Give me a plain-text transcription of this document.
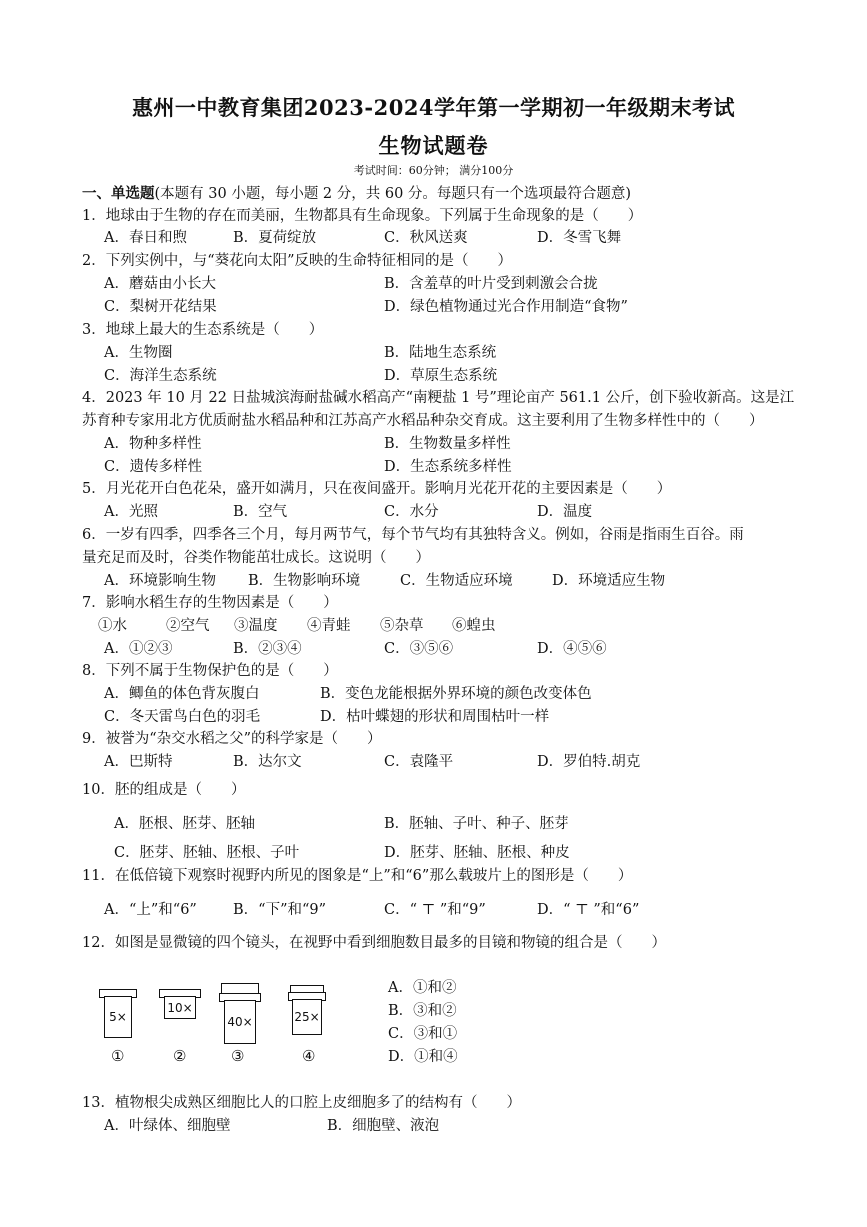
惠州一中教育集团2023-2024学年第一学期初一年级期末考试
生物试题卷
考试时间：60分钟； 满分100分
一、单选题(本题有 30 小题，每小题 2 分，共 60 分。每题只有一个选项最符合题意)
1．地球由于生物的存在而美丽，生物都具有生命现象。下列属于生命现象的是（　　）
A．春日和煦	B．夏荷绽放	C．秋风送爽	D．冬雪飞舞
2．下列实例中，与“葵花向太阳”反映的生命特征相同的是（　　）
A．蘑菇由小长大	B．含羞草的叶片受到刺激会合拢
C．梨树开花结果	D．绿色植物通过光合作用制造“食物”
3．地球上最大的生态系统是（　　）
A．生物圈	B．陆地生态系统
C．海洋生态系统	D．草原生态系统
4．2023 年 10 月 22 日盐城滨海耐盐碱水稻高产“南粳盐 1 号”理论亩产 561.1 公斤，创下验收新高。这是江
苏育种专家用北方优质耐盐水稻品种和江苏高产水稻品种杂交育成。这主要利用了生物多样性中的（　　）
A．物种多样性	B．生物数量多样性
C．遗传多样性	D．生态系统多样性
5．月光花开白色花朵，盛开如满月，只在夜间盛开。影响月光花开花的主要因素是（　　）
A．光照	B．空气	C．水分	D．温度
6．一岁有四季，四季各三个月，每月两节气，每个节气均有其独特含义。例如，谷雨是指雨生百谷。雨
量充足而及时，谷类作物能茁壮成长。这说明（　　）
A．环境影响生物 B．生物影响环境	C．生物适应环境	D．环境适应生物
7．影响水稻生存的生物因素是（　　）
①水	②空气 ③温度 ④青蛙 ⑤杂草 ⑥蝗虫
A．①②③	B．②③④	C．③⑤⑥	D．④⑤⑥
8．下列不属于生物保护色的是（　　）
A．鲫鱼的体色背灰腹白	B．变色龙能根据外界环境的颜色改变体色
C．冬天雷鸟白色的羽毛	D．枯叶蝶翅的形状和周围枯叶一样
9．被誉为“杂交水稻之父”的科学家是（　　）
A．巴斯特	B．达尔文	C．袁隆平	D．罗伯特.胡克
10．胚的组成是（　　）
A．胚根、胚芽、胚轴	B．胚轴、子叶、种子、胚芽
C．胚芽、胚轴、胚根、子叶	D．胚芽、胚轴、胚根、种皮
11．在低倍镜下观察时视野内所见的图象是“上”和“6”那么载玻片上的图形是（　　）
A．“上”和“6” B．“下”和“9”	C．“ ⊤ ”和“9”	D．“ ⊤ ”和“6”
12．如图是显微镜的四个镜头，在视野中看到细胞数目最多的目镜和物镜的组合是（　　）
5×
①
10×
②
40×
③
25×
④
A．①和②
B．③和②
C．③和①
D．①和④
13．植物根尖成熟区细胞比人的口腔上皮细胞多了的结构有（　　）
A．叶绿体、细胞壁	B．细胞壁、液泡
